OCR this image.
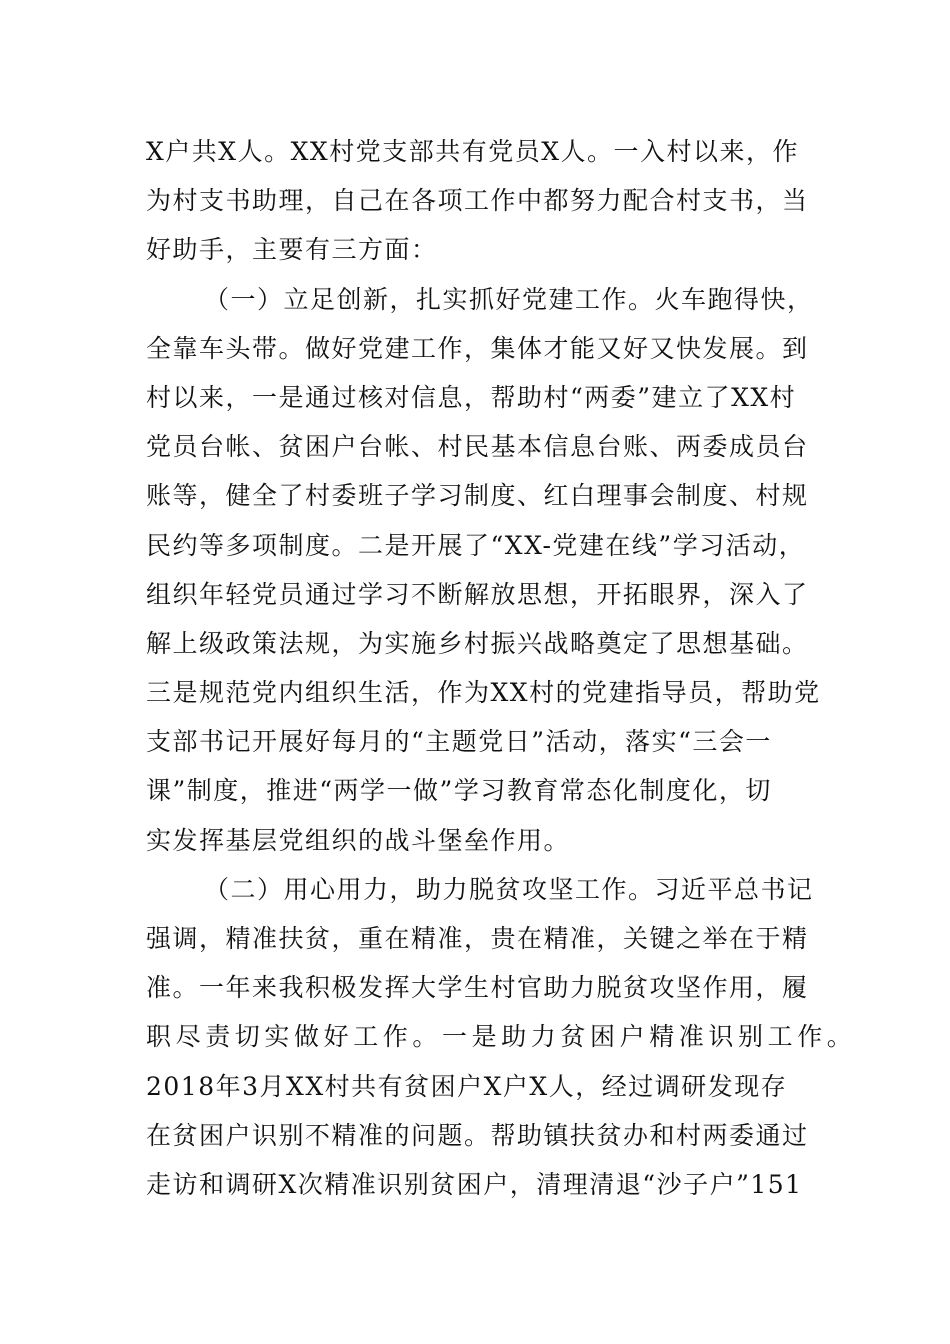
X户共X人。XX村党支部共有党员X人。一入村以来，作
为村支书助理，自己在各项工作中都努力配合村支书，当
好助手，主要有三方面：
（一）立足创新，扎实抓好党建工作。火车跑得快，
全靠车头带。做好党建工作，集体才能又好又快发展。到
村以来，一是通过核对信息，帮助村“两委”建立了XX村
党员台帐、贫困户台帐、村民基本信息台账、两委成员台
账等，健全了村委班子学习制度、红白理事会制度、村规
民约等多项制度。二是开展了“XX-党建在线”学习活动，
组织年轻党员通过学习不断解放思想，开拓眼界，深入了
解上级政策法规，为实施乡村振兴战略奠定了思想基础。
三是规范党内组织生活，作为XX村的党建指导员，帮助党
支部书记开展好每月的“主题党日”活动，落实“三会一
课”制度，推进“两学一做”学习教育常态化制度化，切
实发挥基层党组织的战斗堡垒作用。
（二）用心用力，助力脱贫攻坚工作。习近平总书记
强调，精准扶贫，重在精准，贵在精准，关键之举在于精
准。一年来我积极发挥大学生村官助力脱贫攻坚作用，履
职尽责切实做好工作。一是助力贫困户精准识别工作。
2018年3月XX村共有贫困户X户X人，经过调研发现存
在贫困户识别不精准的问题。帮助镇扶贫办和村两委通过
走访和调研X次精准识别贫困户，清理清退“沙子户”151
